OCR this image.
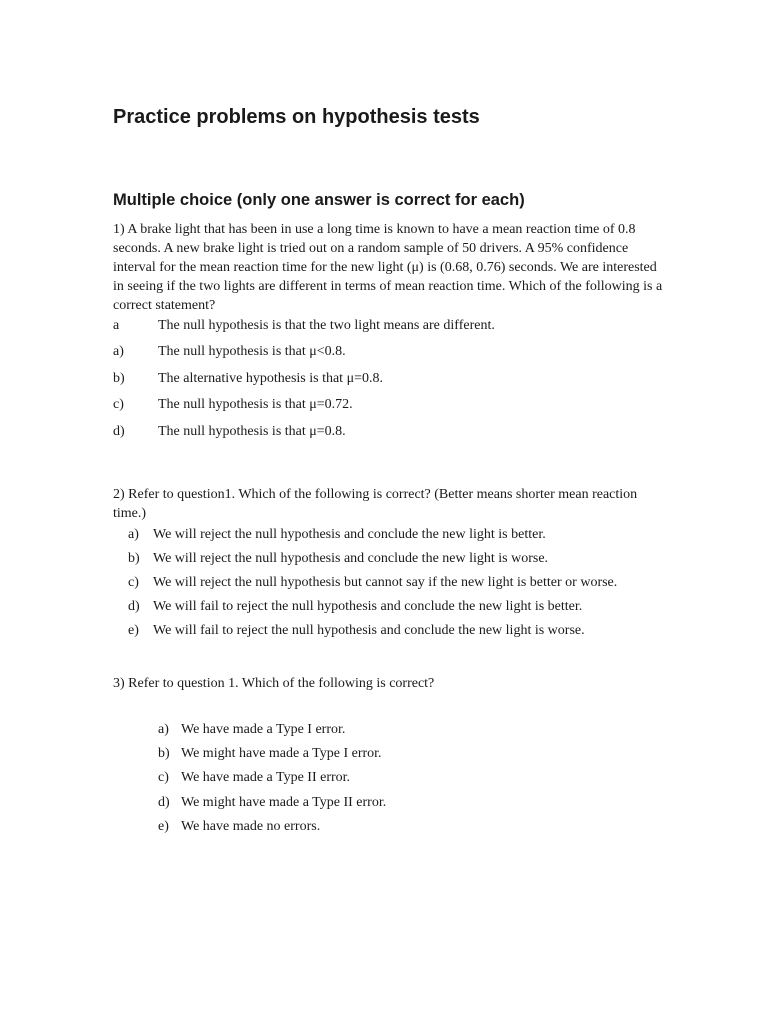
Practice problems on hypothesis tests
Multiple choice (only one answer is correct for each)

1) A brake light that has been in use a long time is known to have a mean reaction time of 0.8 seconds. A new brake light is tried out on a random sample of 50 drivers. A 95% confidence interval for the mean reaction time for the new light (μ) is (0.68, 0.76) seconds. We are interested in seeing if the two lights are different in terms of mean reaction time. Which of the following is a correct statement?

a	The null hypothesis is that the two light means are different.
a) The null hypothesis is that μ<0.8.
b) The alternative hypothesis is that μ=0.8.
c) The null hypothesis is that μ=0.72.
d) The null hypothesis is that μ=0.8.

2) Refer to question1. Which of the following is correct? (Better means shorter mean reaction time.)

a) We will reject the null hypothesis and conclude the new light is better.
b) We will reject the null hypothesis and conclude the new light is worse.
c) We will reject the null hypothesis but cannot say if the new light is better or worse.
d) We will fail to reject the null hypothesis and conclude the new light is better.
e) We will fail to reject the null hypothesis and conclude the new light is worse.

3) Refer to question 1. Which of the following is correct?

a) We have made a Type I error.
b) We might have made a Type I error.
c) We have made a Type II error.
d) We might have made a Type II error.
e) We have made no errors.
